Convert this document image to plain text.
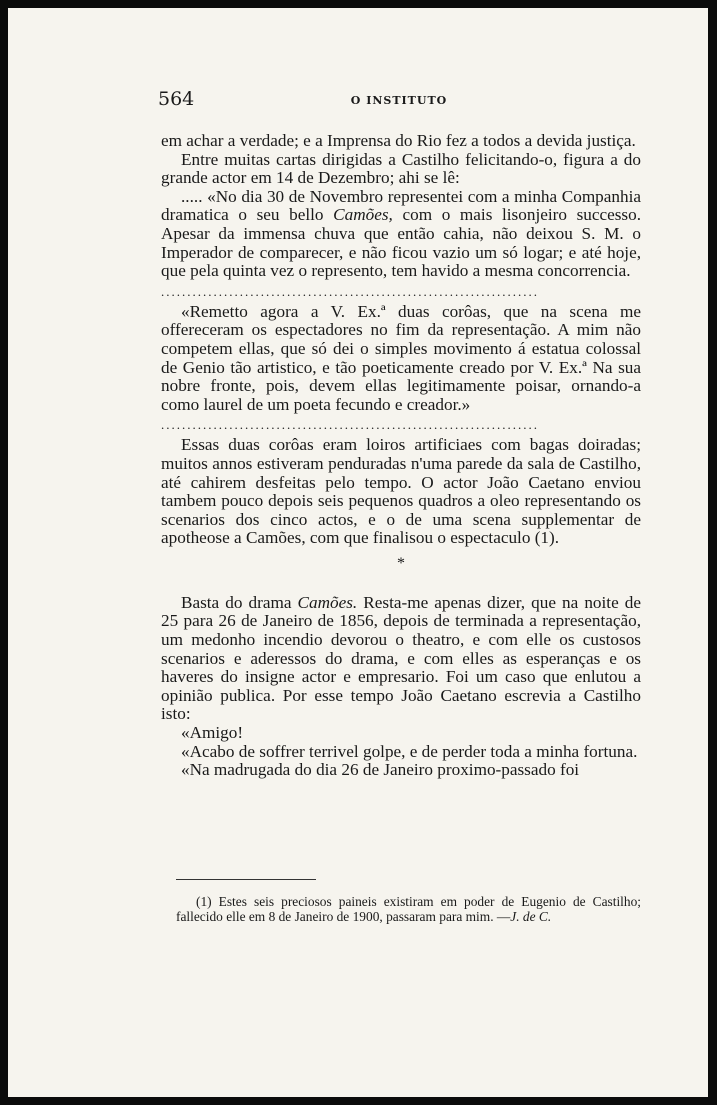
564	O INSTITUTO

em achar a verdade; e a Imprensa do Rio fez a todos a devida justiça.

Entre muitas cartas dirigidas a Castilho felicitando-o, figura a do grande actor em 14 de Dezembro; ahi se lê:

..... «No dia 30 de Novembro representei com a minha Companhia dramatica o seu bello Camões, com o mais lisonjeiro successo. Apesar da immensa chuva que então cahia, não deixou S. M. o Imperador de comparecer, e não ficou vazio um só logar; e até hoje, que pela quinta vez o represento, tem havido a mesma concorrencia.

........................................................................

«Remetto agora a V. Ex.ª duas corôas, que na scena me offereceram os espectadores no fim da representação. A mim não competem ellas, que só dei o simples movimento á estatua colossal de Genio tão artistico, e tão poeticamente creado por V. Ex.ª Na sua nobre fronte, pois, devem ellas legitimamente poisar, ornando-a como laurel de um poeta fecundo e creador.»

........................................................................

Essas duas corôas eram loiros artificiaes com bagas doiradas; muitos annos estiveram penduradas n'uma parede da sala de Castilho, até cahirem desfeitas pelo tempo. O actor João Caetano enviou tambem pouco depois seis pequenos quadros a oleo representando os scenarios dos cinco actos, e o de uma scena supplementar de apotheose a Camões, com que finalisou o espectaculo (1).

*

Basta do drama Camões. Resta-me apenas dizer, que na noite de 25 para 26 de Janeiro de 1856, depois de terminada a representação, um medonho incendio devorou o theatro, e com elle os custosos scenarios e aderessos do drama, e com elles as esperanças e os haveres do insigne actor e empresario. Foi um caso que enlutou a opinião publica. Por esse tempo João Caetano escrevia a Castilho isto:

«Amigo!

«Acabo de soffrer terrivel golpe, e de perder toda a minha fortuna.

«Na madrugada do dia 26 de Janeiro proximo-passado foi

(1) Estes seis preciosos paineis existiram em poder de Eugenio de Castilho; fallecido elle em 8 de Janeiro de 1900, passaram para mim. —J. de C.
